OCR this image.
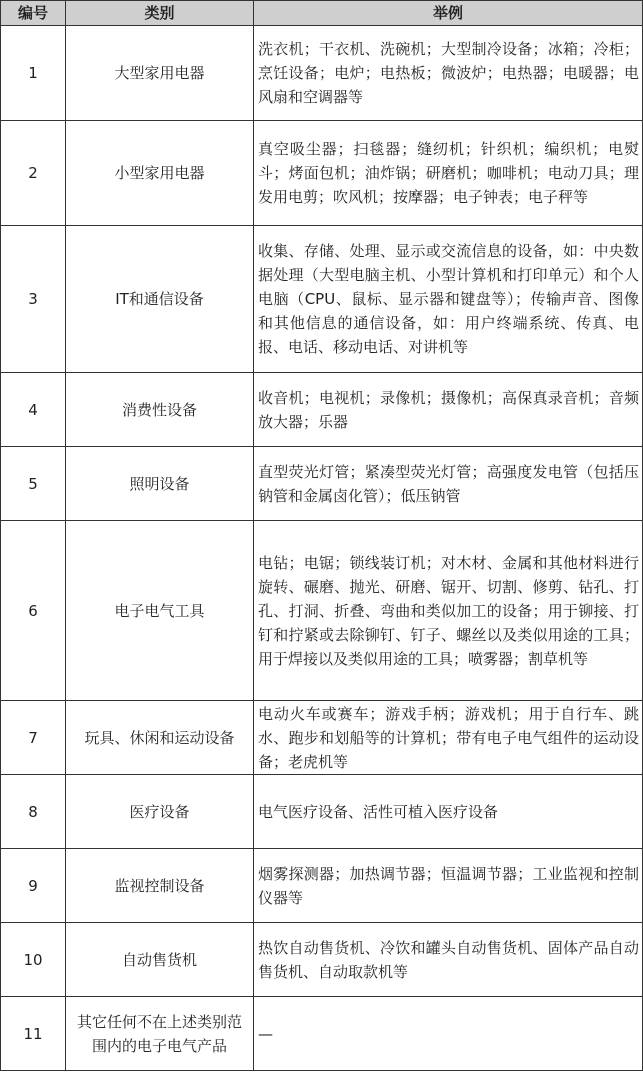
编号	类别	举例
1	大型家用电器	洗衣机；干衣机、洗碗机；大型制冷设备；冰箱；冷柜；烹饪设备；电炉；电热板；微波炉；电热器；电暖器；电风扇和空调器等
2	小型家用电器	真空吸尘器；扫毯器；缝纫机；针织机；编织机；电熨斗；烤面包机；油炸锅；研磨机；咖啡机；电动刀具；理发用电剪；吹风机；按摩器；电子钟表；电子秤等
3	IT和通信设备	收集、存储、处理、显示或交流信息的设备，如：中央数据处理（大型电脑主机、小型计算机和打印单元）和个人电脑（CPU、鼠标、显示器和键盘等）；传输声音、图像和其他信息的通信设备，如：用户终端系统、传真、电报、电话、移动电话、对讲机等
4	消费性设备	收音机；电视机；录像机；摄像机；高保真录音机；音频放大器；乐器
5	照明设备	直型荧光灯管；紧凑型荧光灯管；高强度发电管（包括压钠管和金属卤化管）；低压钠管
6	电子电气工具	电钻；电锯；锁线装订机；对木材、金属和其他材料进行旋转、碾磨、抛光、研磨、锯开、切割、修剪、钻孔、打孔、打洞、折叠、弯曲和类似加工的设备；用于铆接、打钉和拧紧或去除铆钉、钉子、螺丝以及类似用途的工具；用于焊接以及类似用途的工具；喷雾器；割草机等
7	玩具、休闲和运动设备	电动火车或赛车；游戏手柄；游戏机；用于自行车、跳水、跑步和划船等的计算机；带有电子电气组件的运动设备；老虎机等
8	医疗设备	电气医疗设备、活性可植入医疗设备
9	监视控制设备	烟雾探测器；加热调节器；恒温调节器；工业监视和控制仪器等
10	自动售货机	热饮自动售货机、冷饮和罐头自动售货机、固体产品自动售货机、自动取款机等
11	其它任何不在上述类别范围内的电子电气产品	—
